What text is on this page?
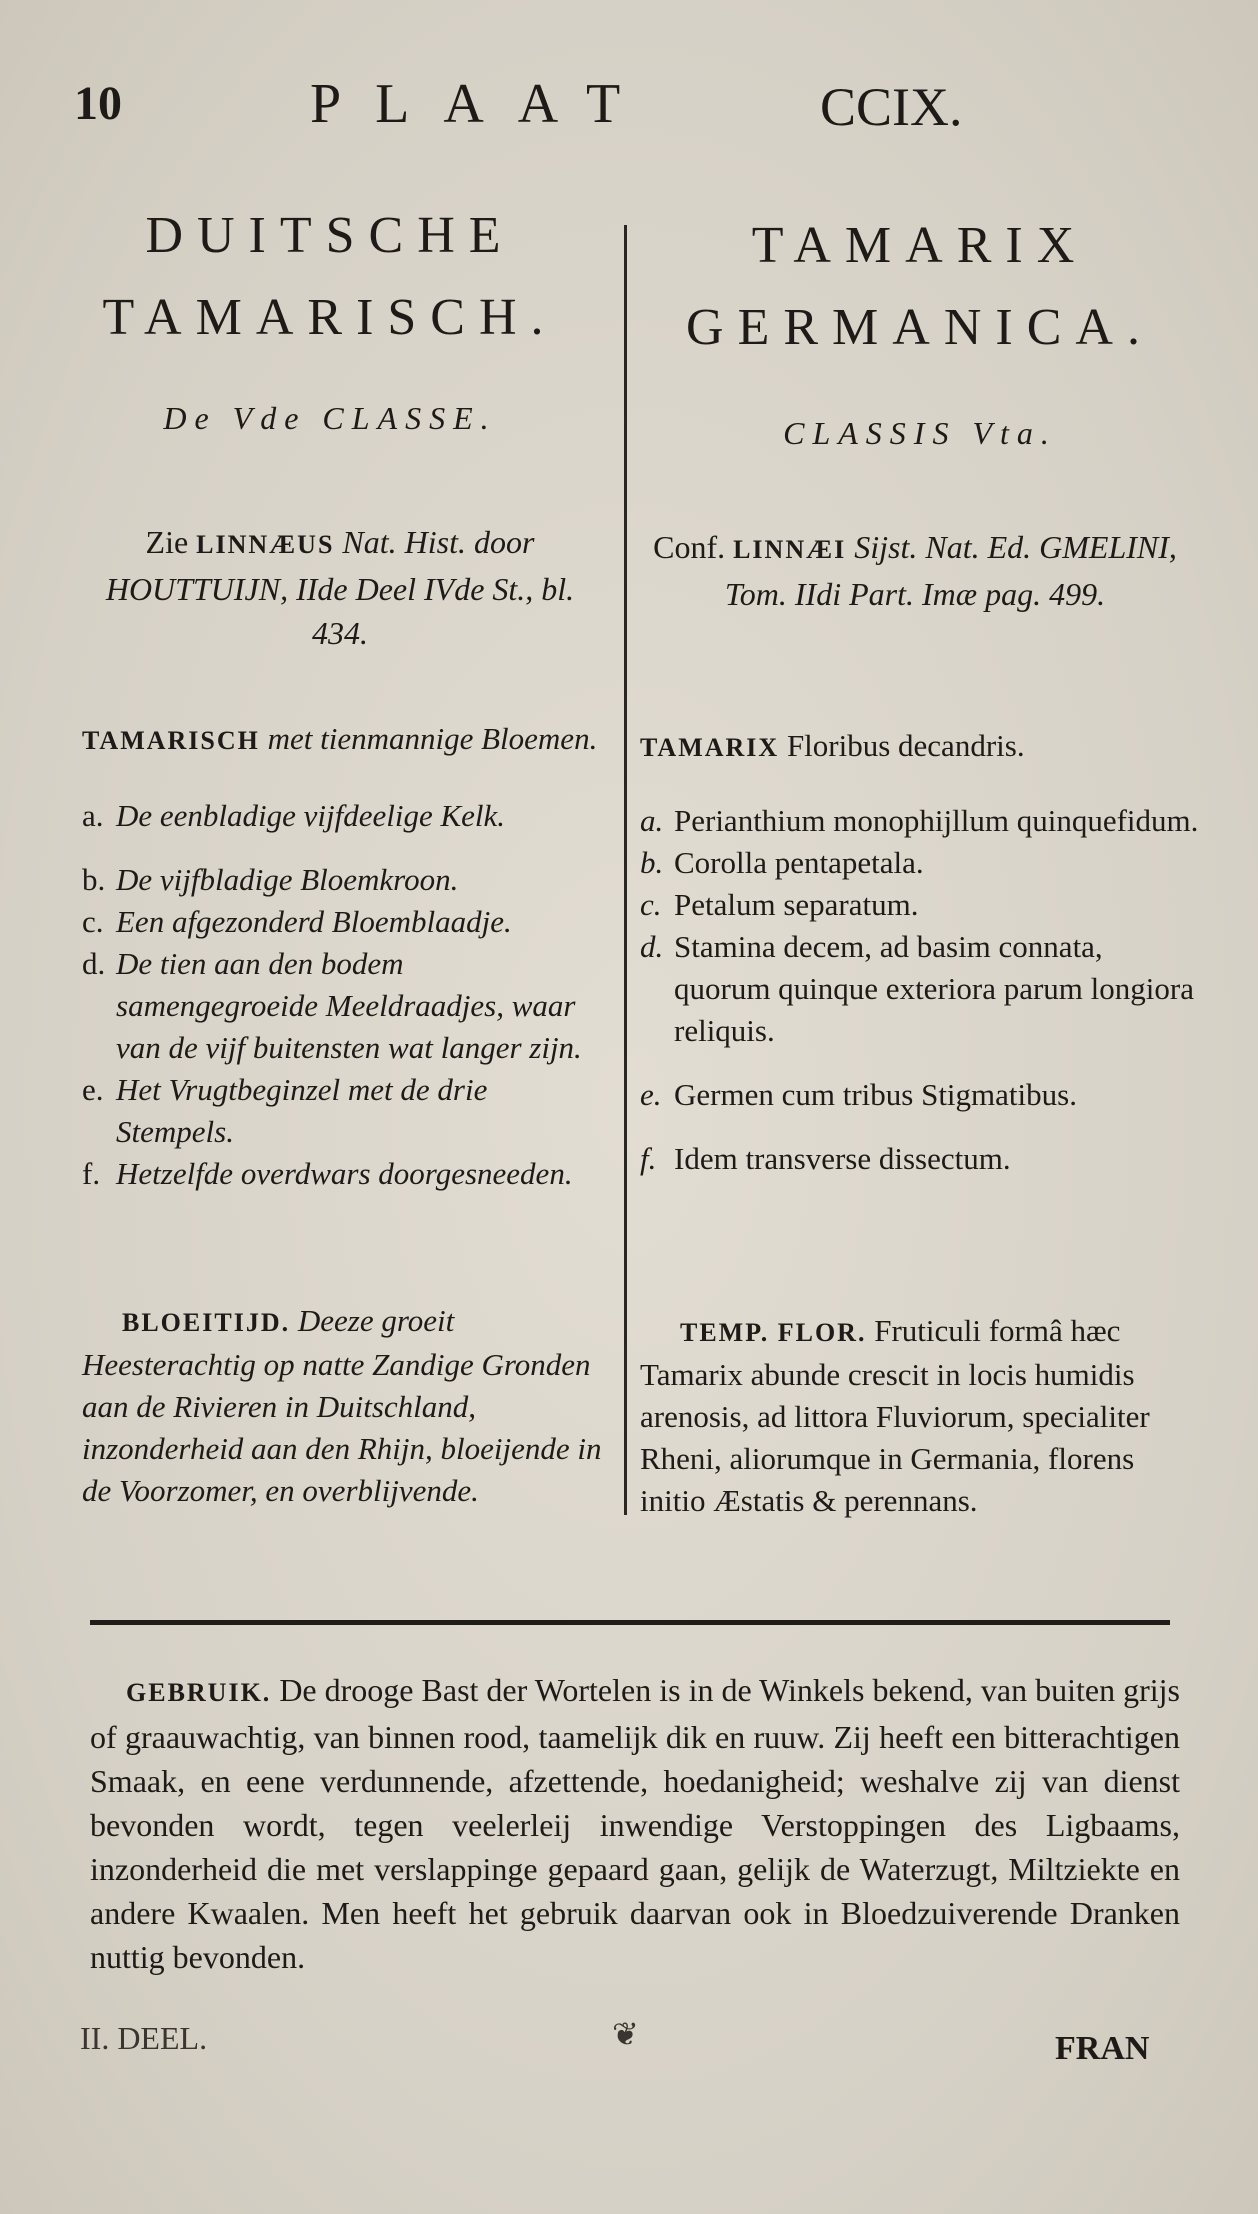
10	PLAAT	CCIX.
DUITSCHE
TAMARISCH.
De Vde CLASSE.
Zie LINNÆUS Nat. Hist. door HOUTTUIJN, IIde Deel IVde St., bl. 434.
TAMARISCH met tienmannige Bloemen.
a. De eenbladige vijfdeelige Kelk.
b. De vijfbladige Bloemkroon.
c. Een afgezonderd Bloemblaadje.
d. De tien aan den bodem samengegroeide Meeldraadjes, waar van de vijf buitensten wat langer zijn.
e. Het Vrugtbeginzel met de drie Stempels.
f. Hetzelfde overdwars doorgesneeden.
BLOEITIJD. Deeze groeit Heesterachtig op natte Zandige Gronden aan de Rivieren in Duitschland, inzonderheid aan den Rhijn, bloeijende in de Voorzomer, en overblijvende.
TAMARIX
GERMANICA.
CLASSIS Vta.
Conf. LINNÆI Sijst. Nat. Ed. GMELINI, Tom. IIdi Part. Imæ pag. 499.
TAMARIX Floribus decandris.
a. Perianthium monophijllum quinquefidum.
b. Corolla pentapetala.
c. Petalum separatum.
d. Stamina decem, ad basim connata, quorum quinque exteriora parum longiora reliquis.
e. Germen cum tribus Stigmatibus.
f. Idem transverse dissectum.
TEMP. FLOR. Fruticuli formâ hæc Tamarix abunde crescit in locis humidis arenosis, ad littora Fluviorum, specialiter Rheni, aliorumque in Germania, florens initio Æstatis & perennans.
GEBRUIK. De drooge Bast der Wortelen is in de Winkels bekend, van buiten grijs of graauwachtig, van binnen rood, taamelijk dik en ruuw. Zij heeft een bitterachtigen Smaak, en eene verdunnende, afzettende, hoedanigheid; weshalve zij van dienst bevonden wordt, tegen veelerleij inwendige Verstoppingen des Ligbaams, inzonderheid die met verslappinge gepaard gaan, gelijk de Waterzugt, Miltziekte en andere Kwaalen. Men heeft het gebruik daarvan ook in Bloedzuiverende Dranken nuttig bevonden.
II. DEEL.	❦	FRAN
